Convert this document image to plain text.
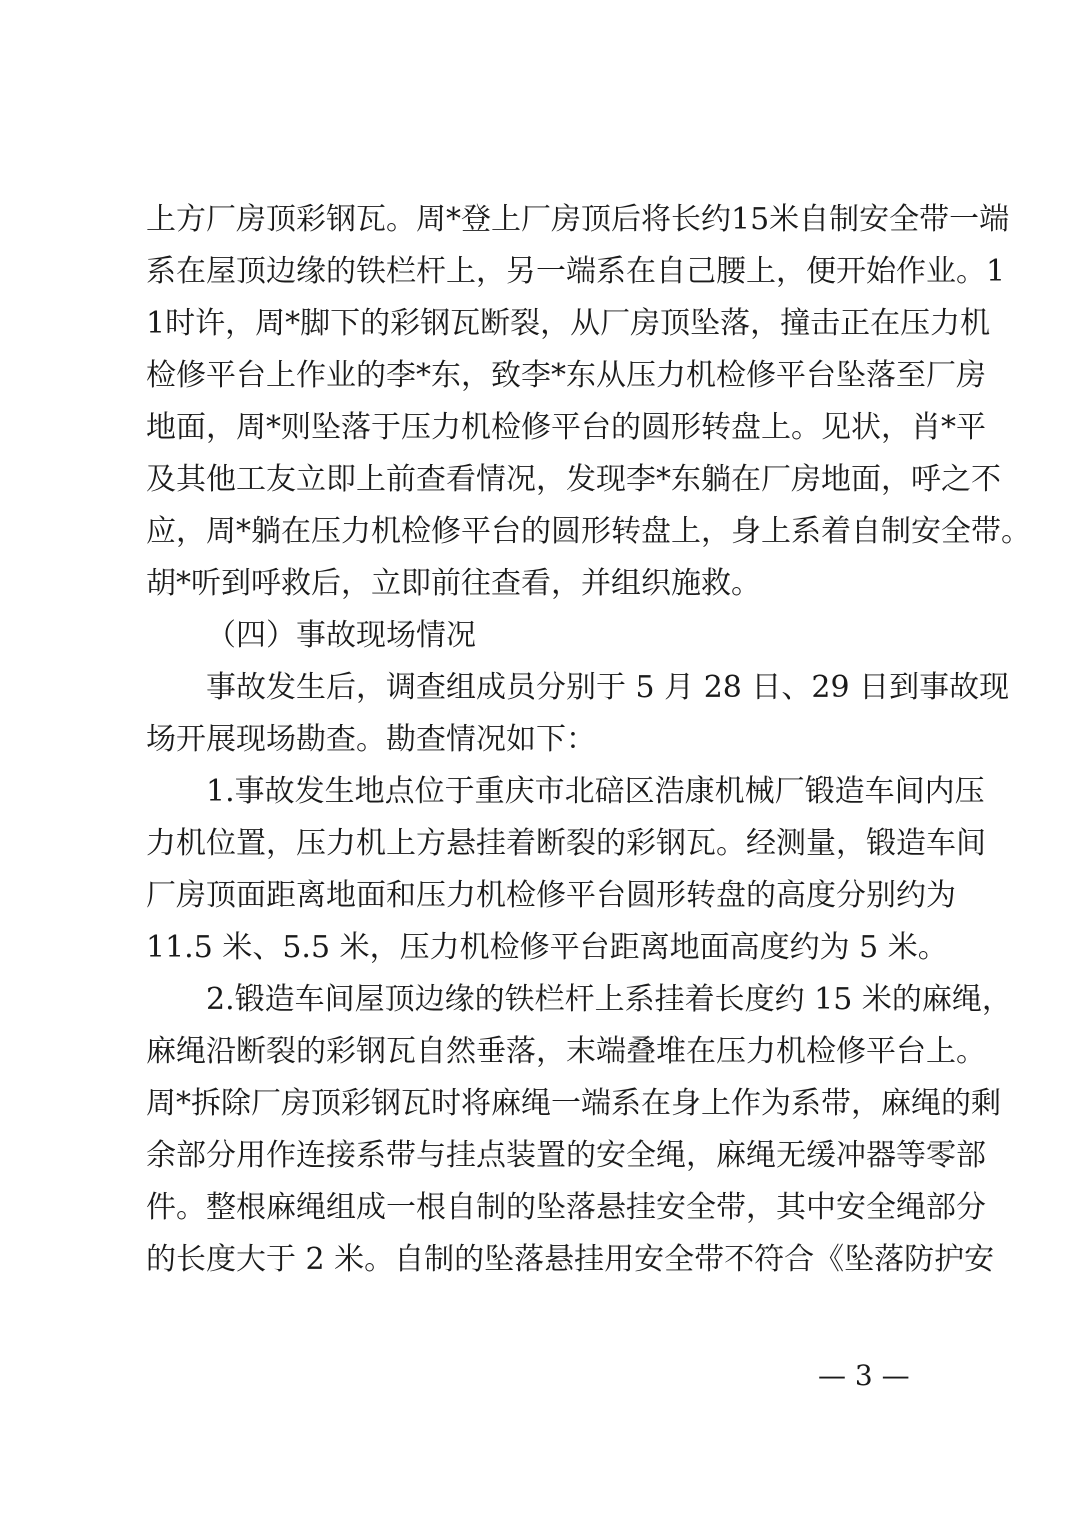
上方厂房顶彩钢瓦。周*登上厂房顶后将长约15米自制安全带一端
系在屋顶边缘的铁栏杆上，另一端系在自己腰上，便开始作业。1
1时许，周*脚下的彩钢瓦断裂，从厂房顶坠落，撞击正在压力机
检修平台上作业的李*东，致李*东从压力机检修平台坠落至厂房
地面，周*则坠落于压力机检修平台的圆形转盘上。见状，肖*平
及其他工友立即上前查看情况，发现李*东躺在厂房地面，呼之不
应，周*躺在压力机检修平台的圆形转盘上，身上系着自制安全带。
胡*听到呼救后，立即前往查看，并组织施救。
（四）事故现场情况
事故发生后，调查组成员分别于 5 月 28 日、29 日到事故现
场开展现场勘查。勘查情况如下：
1.事故发生地点位于重庆市北碚区浩康机械厂锻造车间内压
力机位置，压力机上方悬挂着断裂的彩钢瓦。经测量，锻造车间
厂房顶面距离地面和压力机检修平台圆形转盘的高度分别约为
11.5 米、5.5 米，压力机检修平台距离地面高度约为 5 米。
2.锻造车间屋顶边缘的铁栏杆上系挂着长度约 15 米的麻绳，
麻绳沿断裂的彩钢瓦自然垂落，末端叠堆在压力机检修平台上。
周*拆除厂房顶彩钢瓦时将麻绳一端系在身上作为系带，麻绳的剩
余部分用作连接系带与挂点装置的安全绳，麻绳无缓冲器等零部
件。整根麻绳组成一根自制的坠落悬挂安全带，其中安全绳部分
的长度大于 2 米。自制的坠落悬挂用安全带不符合《坠落防护安
— 3 —
